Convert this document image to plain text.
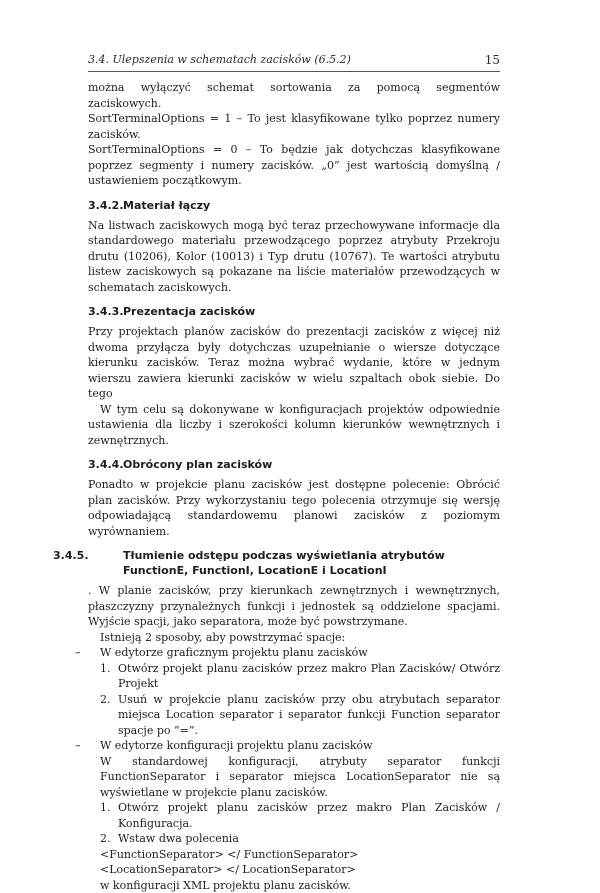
3.4. Ulepszenia w schematach zacisków (6.5.2)	15

można wyłączyć schemat sortowania za pomocą segmentów zaciskowych.

SortTerminalOptions = 1 – To jest klasyfikowane tylko poprzez numery zacisków.

SortTerminalOptions = 0 – To będzie jak dotychczas klasyfikowane poprzez segmenty i numery zacisków. „0” jest wartością domyślną / ustawieniem początkowym.

3.4.2.Materiał łączy

Na listwach zaciskowych mogą być teraz przechowywane informacje dla standardowego materiału przewodzącego poprzez atrybuty Przekroju drutu (10206), Kolor (10013) i Typ drutu (10767). Te wartości atrybutu listew zaciskowych są pokazane na liście materiałów przewodzących w schematach zaciskowych.

3.4.3.Prezentacja zacisków

Przy projektach planów zacisków do prezentacji zacisków z więcej niż dwoma przyłącza były dotychczas uzupełnianie o wiersze dotyczące kierunku zacisków. Teraz można wybrać wydanie, które w jednym wierszu zawiera kierunki zacisków w wielu szpaltach obok siebie. Do tego

W tym celu są dokonywane w konfiguracjach projektów odpowiednie ustawienia dla liczby i szerokości kolumn kierunków wewnętrznych i zewnętrznych.

3.4.4.Obrócony plan zacisków

Ponadto w projekcie planu zacisków jest dostępne polecenie: Obrócić plan zacisków. Przy wykorzystaniu tego polecenia otrzymuje się wersję odpowiadającą standardowemu planowi zacisków z poziomym wyrównaniem.

3.4.5.	Tłumienie odstępu podczas wyświetlania atrybutów FunctionE, FunctionI, LocationE i LocationI

. W planie zacisków, przy kierunkach zewnętrznych i wewnętrznych, płaszczyzny przynależnych funkcji i jednostek są oddzielone spacjami. Wyjście spacji, jako separatora, może być powstrzymane.

Istnieją 2 sposoby, aby powstrzymać spacje:

– W edytorze graficznym projektu planu zacisków
1. Otwórz projekt planu zacisków przez makro Plan Zacisków/ Otwórz Projekt

2. Usuń w projekcie planu zacisków przy obu atrybutach separator miejsca Location separator i separator funkcji Function separator spacje po ”=”.

– W edytorze konfiguracji projektu planu zacisków

W standardowej konfiguracji, atrybuty separator funkcji FunctionSeparator i separator miejsca LocationSeparator nie są wyświetlane w projekcie planu zacisków.

1. Otwórz projekt planu zacisków przez makro Plan Zacisków / Konfiguracja.

2. Wstaw dwa polecenia

<FunctionSeparator> </ FunctionSeparator>

<LocationSeparator> </ LocationSeparator>

w konfiguracji XML projektu planu zacisków.
